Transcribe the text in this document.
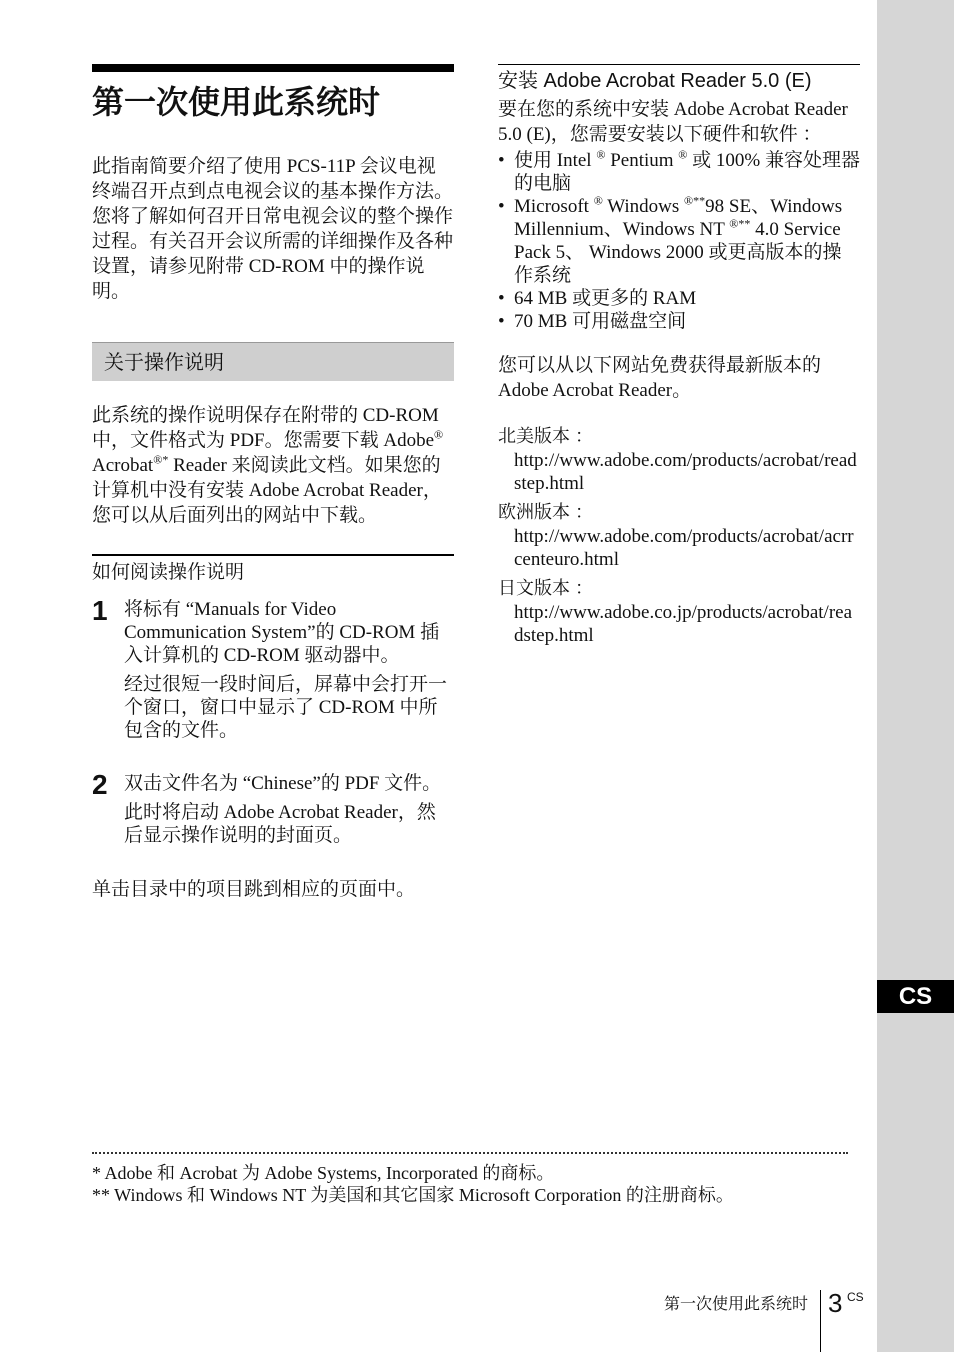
CS
第一次使用此系统时

此指南简要介绍了使用 PCS-11P 会议电视终端召开点到点电视会议的基本操作方法。您将了解如何召开日常电视会议的整个操作过程。有关召开会议所需的详细操作及各种设置，请参见附带 CD-ROM 中的操作说明。

关于操作说明

此系统的操作说明保存在附带的 CD-ROM 中，文件格式为 PDF。您需要下载 Adobe® Acrobat®* Reader 来阅读此文档。如果您的计算机中没有安装 Adobe Acrobat Reader，您可以从后面列出的网站中下载。

如何阅读操作说明
1 将标有 “Manuals for Video Communication System”的 CD-ROM 插入计算机的 CD-ROM 驱动器中。
经过很短一段时间后，屏幕中会打开一个窗口，窗口中显示了 CD-ROM 中所包含的文件。
2 双击文件名为 “Chinese”的 PDF 文件。
此时将启动 Adobe Acrobat Reader，然后显示操作说明的封面页。

单击目录中的项目跳到相应的页面中。

安装 Adobe Acrobat Reader 5.0 (E)

要在您的系统中安装 Adobe Acrobat Reader 5.0 (E)，您需要安装以下硬件和软件 ：

• 使用 Intel ® Pentium ® 或 100% 兼容处理器的电脑
• Microsoft ® Windows ®**98 SE、Windows Millennium、Windows NT ®** 4.0 Service Pack 5、 Windows 2000 或更高版本的操作系统
• 64 MB 或更多的 RAM
• 70 MB 可用磁盘空间

您可以从以下网站免费获得最新版本的 Adobe Acrobat Reader。

北美版本 ：
http://www.adobe.com/products/acrobat/readstep.html
欧洲版本 ：
http://www.adobe.com/products/acrobat/acrrcenteuro.html
日文版本 ：
http://www.adobe.co.jp/products/acrobat/readstep.html
* Adobe 和 Acrobat 为 Adobe Systems, Incorporated 的商标。
** Windows 和 Windows NT 为美国和其它国家 Microsoft Corporation 的注册商标。
第一次使用此系统时 3 CS
